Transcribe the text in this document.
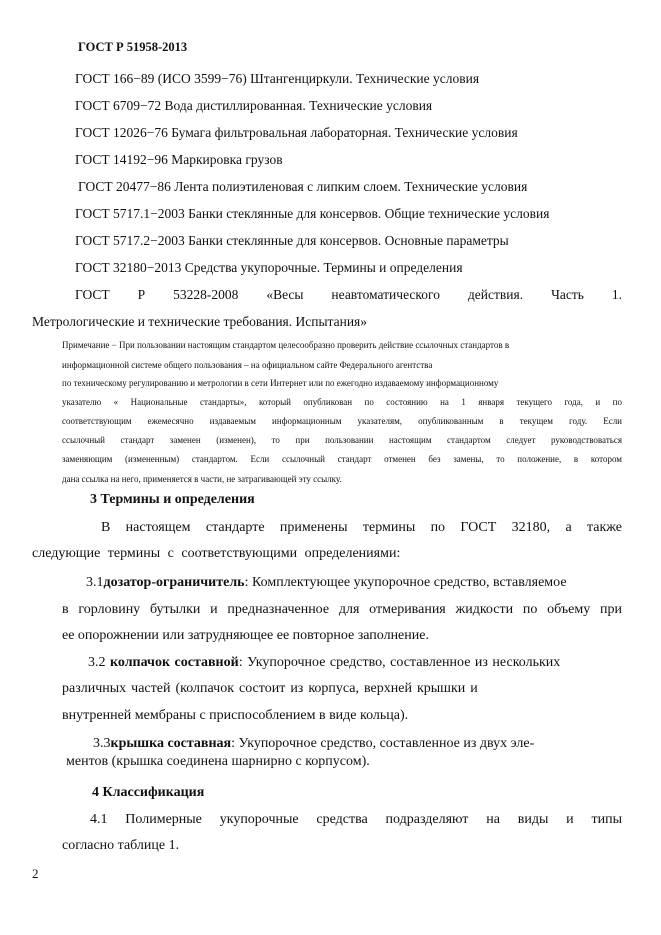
ГОСТ Р 51958-2013
ГОСТ 166−89 (ИСО 3599−76) Штангенциркули. Технические условия
ГОСТ 6709−72 Вода дистиллированная. Технические условия
ГОСТ 12026−76 Бумага фильтровальная лабораторная. Технические условия
ГОСТ 14192−96 Маркировка грузов
ГОСТ 20477−86 Лента полиэтиленовая с липким слоем. Технические условия
ГОСТ 5717.1−2003 Банки стеклянные для консервов. Общие технические условия
ГОСТ 5717.2−2003 Банки стеклянные для консервов. Основные параметры
ГОСТ 32180−2013 Средства укупорочные. Термины и определения
ГОСТ Р 53228-2008 «Весы неавтоматического действия. Часть 1.
Метрологические и технические требования. Испытания»
Примечание − При пользовании настоящим стандартом целесообразно проверить действие ссылочных стандартов в
информационной системе общего пользования – на официальном сайте Федерального агентства
по техническому регулированию и метрологии в сети Интернет или по ежегодно издаваемому информационному
указателю « Национальные стандарты», который опубликован по состоянию на 1 января текущего года, и по
соответствующим ежемесячно издаваемым информационным указателям, опубликованным в текущем году. Если
ссылочный стандарт заменен (изменен), то при пользовании настоящим стандартом следует руководствоваться
заменяющим (измененным) стандартом. Если ссылочный стандарт отменен без замены, то положение, в котором
дана ссылка на него, применяется в части, не затрагивающей эту ссылку.
3 Термины и определения
В настоящем стандарте применены термины по ГОСТ 32180, а также
следующие термины с соответствующими определениями:
3.1дозатор-ограничитель: Комплектующее укупорочное средство, вставляемое
в горловину бутылки и предназначенное для отмеривания жидкости по объему при
ее опорожнении или затрудняющее ее повторное заполнение.
3.2 колпачок составной: Укупорочное средство, составленное из нескольких
различных частей (колпачок состоит из корпуса, верхней крышки и
внутренней мембраны с приспособлением в виде кольца).
3.3крышка составная: Укупорочное средство, составленное из двух эле-
ментов (крышка соединена шарнирно с корпусом).
4 Классификация
4.1 Полимерные укупорочные средства подразделяют на виды и типы
согласно таблице 1.
2
